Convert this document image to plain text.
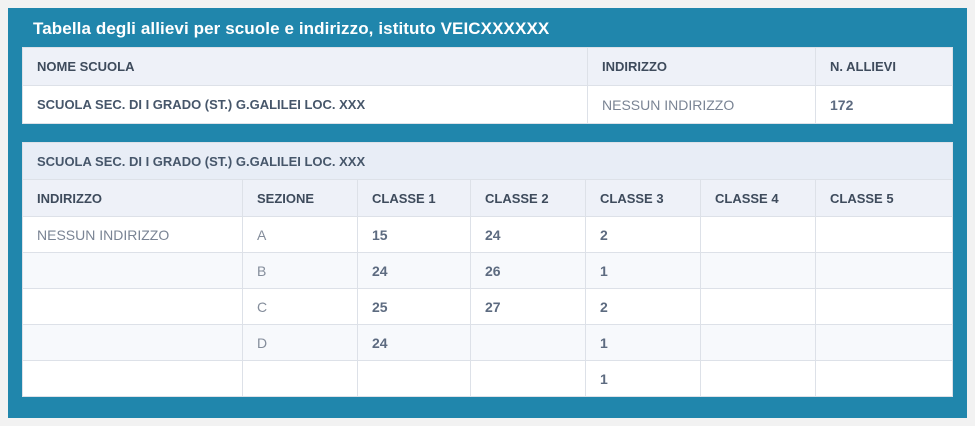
Tabella degli allievi per scuole e indirizzo, istituto VEICXXXXXX
NOME SCUOLA	INDIRIZZO	N. ALLIEVI
SCUOLA SEC. DI I GRADO (ST.) G.GALILEI LOC. XXX	NESSUN INDIRIZZO	172
SCUOLA SEC. DI I GRADO (ST.) G.GALILEI LOC. XXX						
INDIRIZZO	SEZIONE	CLASSE 1	CLASSE 2	CLASSE 3	CLASSE 4	CLASSE 5
NESSUN INDIRIZZO	A	15	24	2		
	B	24	26	1		
	C	25	27	2		
	D	24		1		
				1		
